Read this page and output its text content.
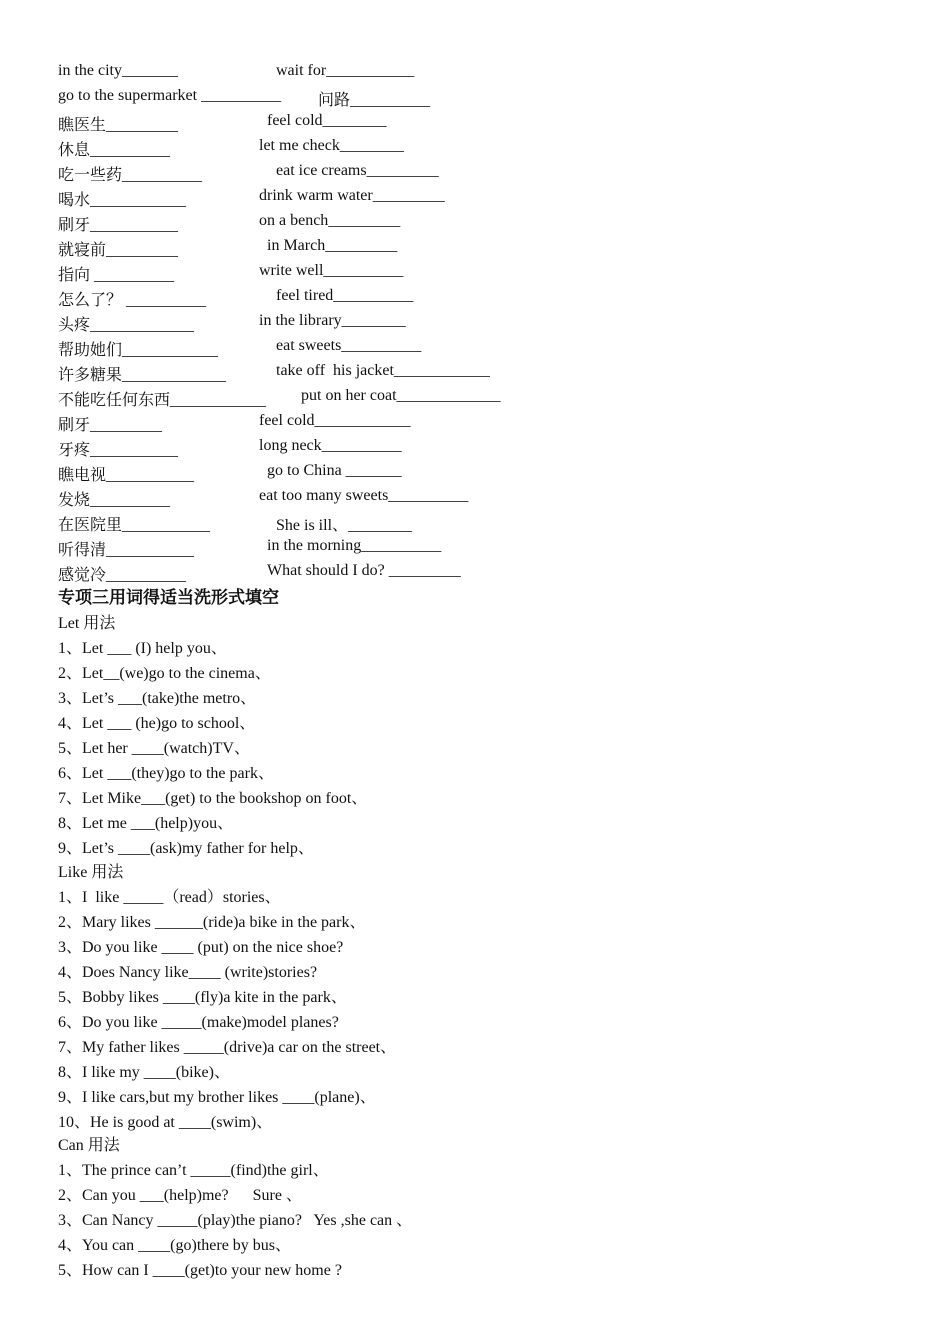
in the city_______	wait for___________
go to the supermarket __________ 问路__________
瞧医生_________	feel cold________
休息__________	let me check________
吃一些药__________	eat ice creams_________
喝水____________	drink warm water_________
刷牙___________	on a bench_________
就寝前_________	in March_________
指向 __________	write well__________
怎么了？ __________	feel tired__________
头疼_____________	in the library________
帮助她们____________	eat sweets__________
许多糖果_____________	take off  his jacket____________
不能吃任何东西____________ put on her coat_____________
刷牙_________	feel cold____________
牙疼___________	long neck__________
瞧电视___________	go to China _______
发烧__________	eat too many sweets__________
在医院里___________	She is ill、________
听得清___________	in the morning__________
感觉冷__________	What should I do? _________
专项三用词得适当洗形式填空
Let 用法
1、Let ___ (I) help you、
2、Let__(we)go to the cinema、
3、Let’s ___(take)the metro、
4、Let ___ (he)go to school、
5、Let her ____(watch)TV、
6、Let ___(they)go to the park、
7、Let Mike___(get) to the bookshop on foot、
8、Let me ___(help)you、
9、Let’s ____(ask)my father for help、
Like 用法
1、I  like _____（read）stories、
2、Mary likes ______(ride)a bike in the park、
3、Do you like ____ (put) on the nice shoe?
4、Does Nancy like____ (write)stories?
5、Bobby likes ____(fly)a kite in the park、
6、Do you like _____(make)model planes?
7、My father likes _____(drive)a car on the street、
8、I like my ____(bike)、
9、I like cars,but my brother likes ____(plane)、
10、He is good at ____(swim)、
Can 用法
1、The prince can’t _____(find)the girl、
2、Can you ___(help)me?      Sure 、
3、Can Nancy _____(play)the piano?   Yes ,she can 、
4、You can ____(go)there by bus、
5、How can I ____(get)to your new home ?
